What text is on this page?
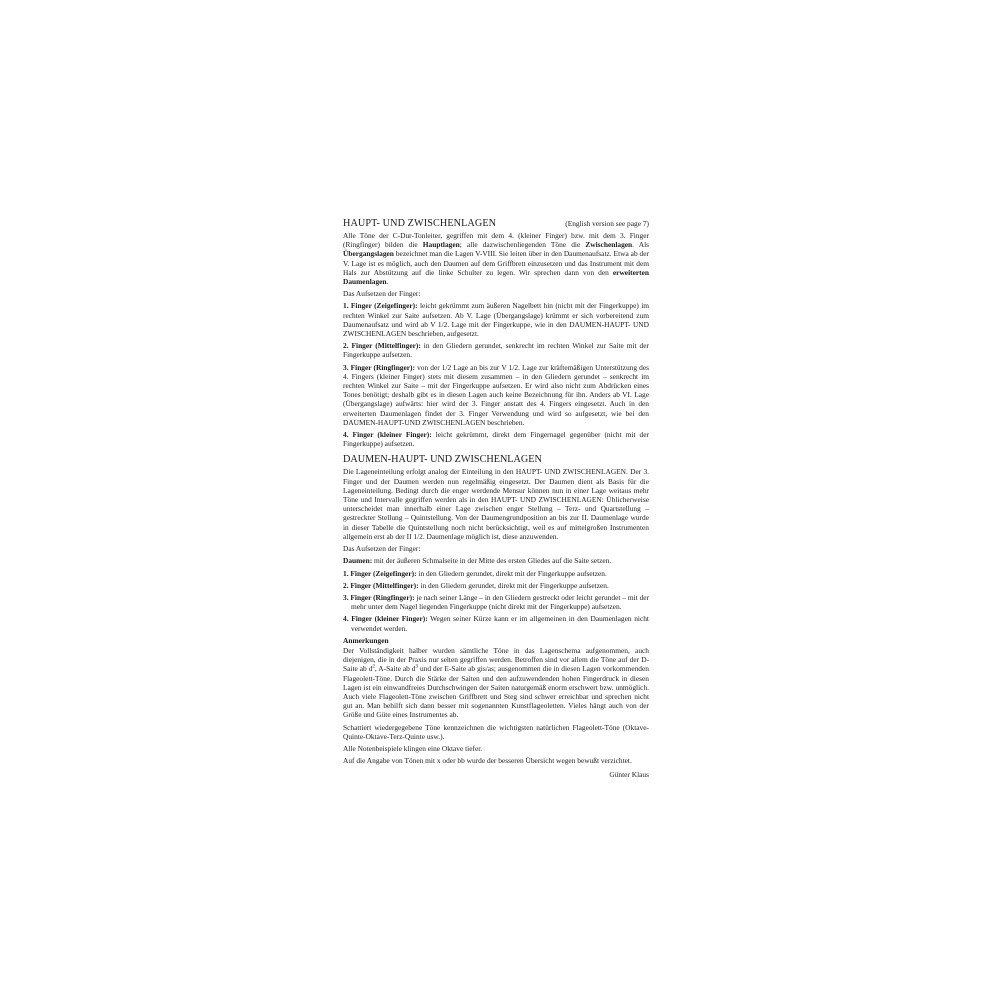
HAUPT- UND ZWISCHENLAGEN	(English version see page 7)

Alle Töne der C-Dur-Tonleiter, gegriffen mit dem 4. (kleiner Finger) bzw. mit dem 3. Finger (Ringfinger) bilden die Hauptlagen; alle dazwischenliegenden Töne die Zwischenlagen. Als Übergangslagen bezeichnet man die Lagen V-VIII. Sie leiten über in den Daumenaufsatz. Etwa ab der V. Lage ist es möglich, auch den Daumen auf dem Griffbrett einzusetzen und das Instrument mit dem Hals zur Abstützung auf die linke Schulter zu legen. Wir sprechen dann von den erweiterten Daumenlagen.

Das Aufsetzen der Finger:

1. Finger (Zeigefinger): leicht gekrümmt zum äußeren Nagelbett hin (nicht mit der Fingerkuppe) im rechten Winkel zur Saite aufsetzen. Ab V. Lage (Übergangslage) krümmt er sich vorbereitend zum Daumenaufsatz und wird ab V 1/2. Lage mit der Fingerkuppe, wie in den DAUMEN-HAUPT- UND ZWISCHENLAGEN beschrieben, aufgesetzt.

2. Finger (Mittelfinger): in den Gliedern gerundet, senkrecht im rechten Winkel zur Saite mit der Fingerkuppe aufsetzen.

3. Finger (Ringfinger): von der 1/2 Lage an bis zur V 1/2. Lage zur kräftemäßigen Unterstützung des 4. Fingers (kleiner Finger) stets mit diesem zusammen – in den Gliedern gerundet – senkrecht im rechten Winkel zur Saite – mit der Fingerkuppe aufsetzen. Er wird also nicht zum Abdrücken eines Tones benötigt; deshalb gibt es in diesen Lagen auch keine Bezeichnung für ihn. Anders ab VI. Lage (Übergangslage) aufwärts: hier wird der 3. Finger anstatt des 4. Fingers eingesetzt. Auch in den erweiterten Daumenlagen findet der 3. Finger Verwendung und wird so aufgesetzt, wie bei den DAUMEN-HAUPT-UND ZWISCHENLAGEN beschrieben.

4. Finger (kleiner Finger): leicht gekrümmt, direkt dem Fingernagel gegenüber (nicht mit der Fingerkuppe) aufsetzen.

DAUMEN-HAUPT- UND ZWISCHENLAGEN

Die Lageneinteilung erfolgt analog der Einteilung in den HAUPT- UND ZWISCHENLAGEN. Der 3. Finger und der Daumen werden nun regelmäßig eingesetzt. Der Daumen dient als Basis für die Lageneinteilung. Bedingt durch die enger werdende Mensur können nun in einer Lage weitaus mehr Töne und Intervalle gegriffen werden als in den HAUPT- UND ZWISCHENLAGEN: Üblicherweise unterscheidet man innerhalb einer Lage zwischen enger Stellung – Terz- und Quartstellung – gestreckter Stellung – Quintstellung. Von der Daumengrundposition an bis zur II. Daumenlage wurde in dieser Tabelle die Quintstellung noch nicht berücksichtigt, weil es auf mittelgroßen Instrumenten allgemein erst ab der II 1/2. Daumenlage möglich ist, diese anzuwenden.

Das Aufsetzen der Finger:

Daumen: mit der äußeren Schmalseite in der Mitte des ersten Gliedes auf die Saite setzen.

1. Finger (Zeigefinger): in den Gliedern gerundet, direkt mit der Fingerkuppe aufsetzen.

2. Finger (Mittelfinger): in den Gliedern gerundet, direkt mit der Fingerkuppe aufsetzen.

3. Finger (Ringfinger): je nach seiner Länge – in den Gliedern gestreckt oder leicht gerundet – mit der mehr unter dem Nagel liegenden Fingerkuppe (nicht direkt mit der Fingerkuppe) aufsetzen.

4. Finger (kleiner Finger): Wegen seiner Kürze kann er im allgemeinen in den Daumenlagen nicht verwendet werden.

Anmerkungen

Der Vollständigkeit halber wurden sämtliche Töne in das Lagenschema aufgenommen, auch diejenigen, die in der Praxis nur selten gegriffen werden. Betroffen sind vor allem die Töne auf der D-Saite ab $d^2$, A-Saite ab $d^3$ und der E-Saite ab gis/as; ausgenommen die in diesen Lagen vorkommenden Flageolett-Töne. Durch die Stärke der Saiten und den aufzuwendenden hohen Fingerdruck in diesen Lagen ist ein einwandfreies Durchschwingen der Saiten naturgemäß enorm erschwert bzw. unmöglich. Auch viele Flageolett-Töne zwischen Griffbrett und Steg sind schwer erreichbar und sprechen nicht gut an. Man behilft sich dann besser mit sogenannten Kunstflageoletten. Vieles hängt auch von der Größe und Güte eines Instrumentes ab.

Schattiert wiedergegebene Töne kennzeichnen die wichtigsten natürlichen Flageolett-Töne (Oktave-Quinte-Oktave-Terz-Quinte usw.).

Alle Notenbeispiele klingen eine Oktave tiefer.

Auf die Angabe von Tönen mit x oder bb wurde der besseren Übersicht wegen bewußt verzichtet.

Günter Klaus
